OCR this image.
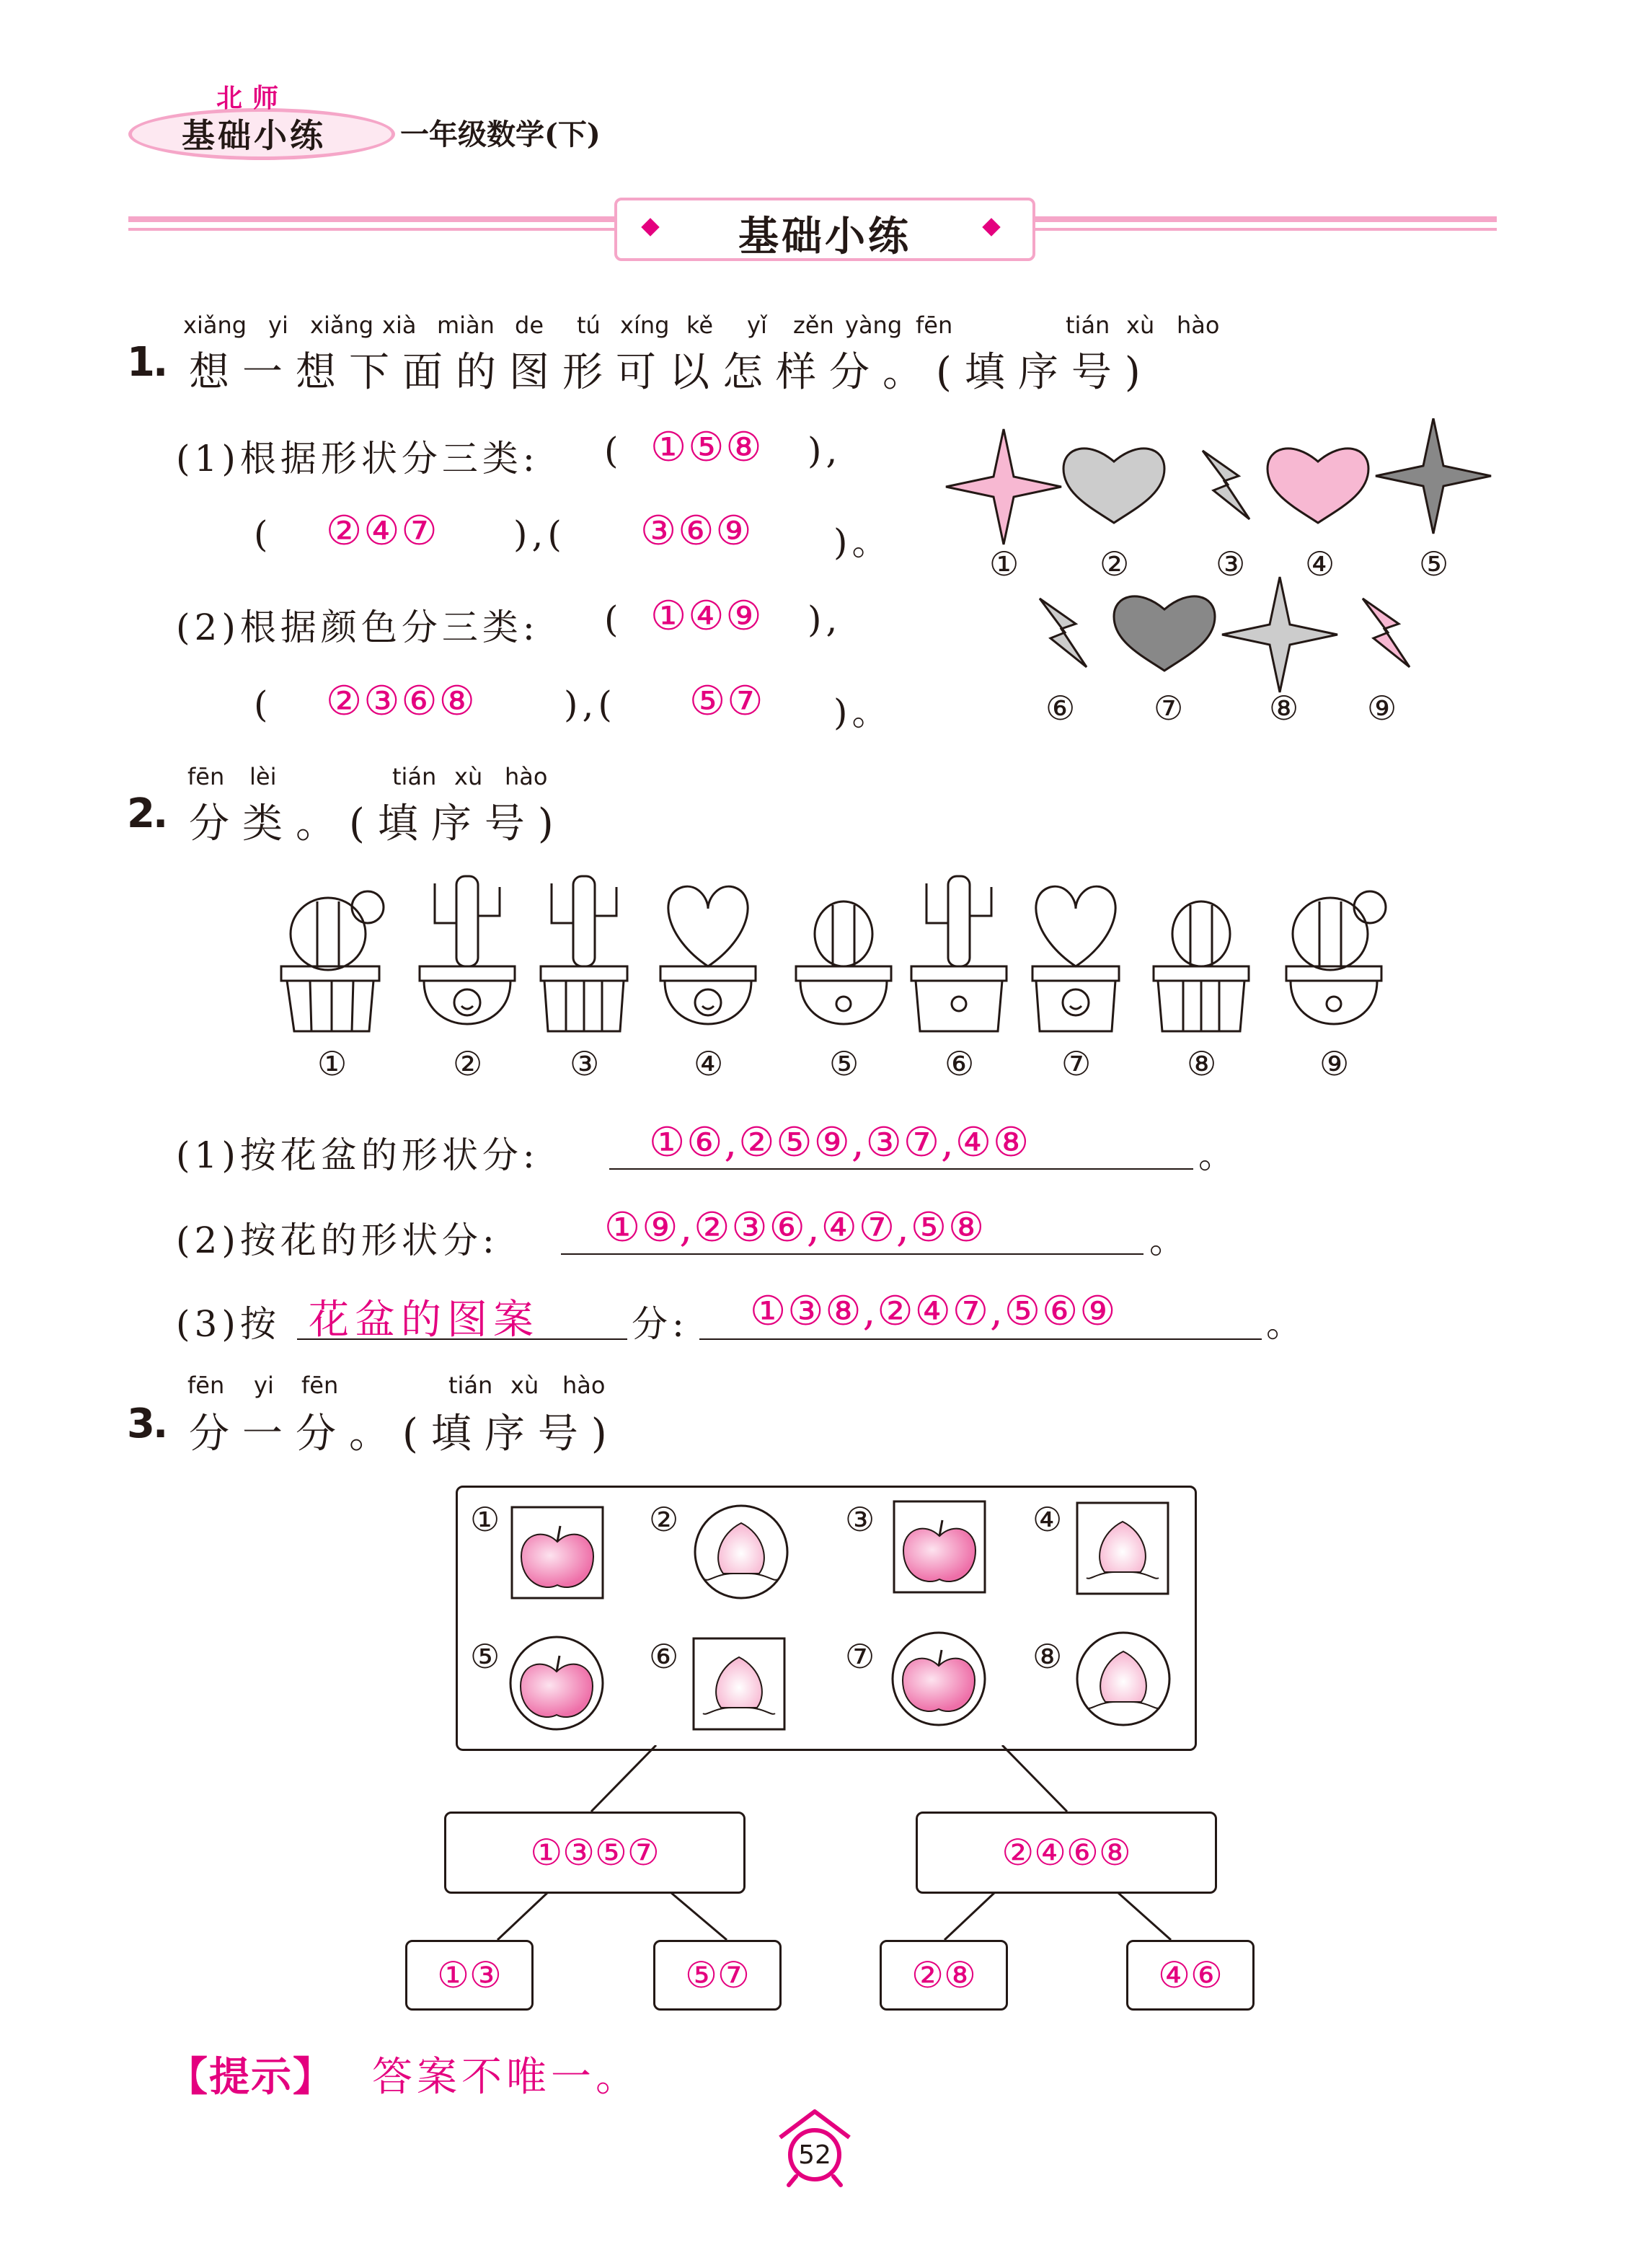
北师
基础小练	一年级数学(下)
基础小练
xiǎng yi xiǎng xià miàn de tú xíng kě yǐ zěn yàng fēn	tián xù hào
1
. 想一想下面的图形可以怎样分。(填序号)
(1)根据形状分三类: ( ①⑤⑧ ),
( ②④⑦ ),( ③⑥⑨ )。
(2)根据颜色分三类: ( ①④⑨ ),
( ②③⑥⑧ ),( ⑤⑦ )。
① ②	③ ④	⑤
⑥ ⑦	⑧ ⑨
fēn lèi	tián xù hào
2
. 分类。(填序号)
①	②	③	④	⑤	⑥	⑦	⑧	⑨
(1)按花盆的形状分:	①⑥,②⑤⑨,③⑦,④⑧	。
(2)按花的形状分:	①⑨,②③⑥,④⑦,⑤⑧	。
(3)按 花盆的图案	分: ①③⑧,②④⑦,⑤⑥⑨	。
fēn yi fēn	tián xù hào
3
. 分一分。(填序号)
①	②	③	④
⑤	⑥	⑦	⑧
①③⑤⑦	②④⑥⑧
①③	⑤⑦	②⑧	④⑥
【提示】 答案不唯一。
52
